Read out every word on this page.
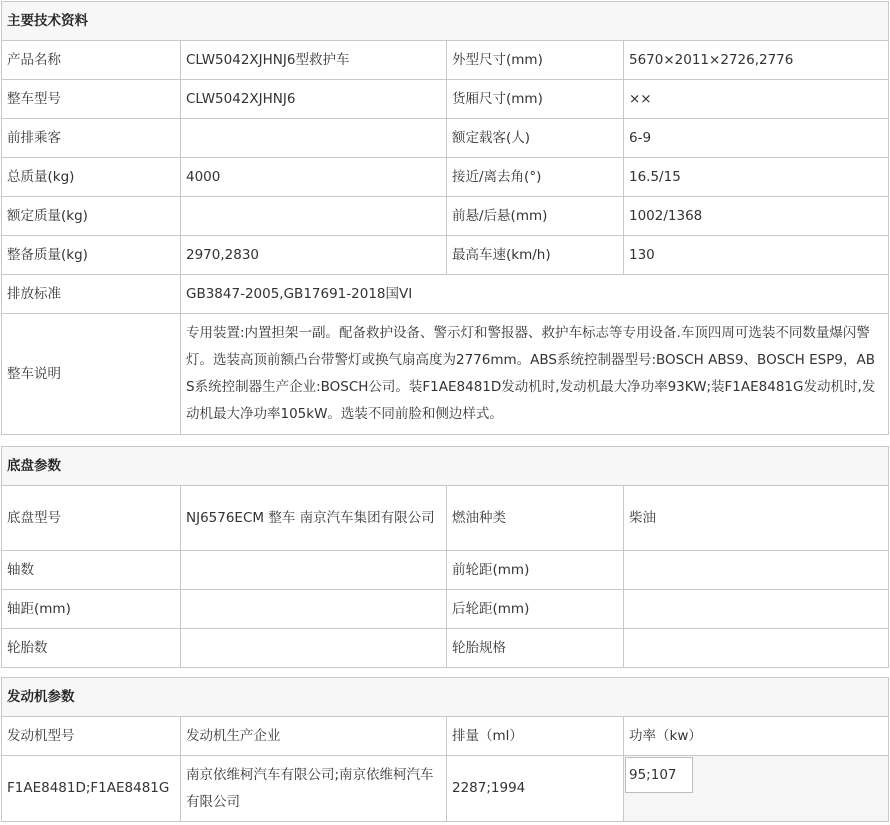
主要技术资料			
产品名称	CLW5042XJHNJ6型救护车	外型尺寸(mm)	5670×2011×2726,2776
整车型号	CLW5042XJHNJ6	货厢尺寸(mm)	××
前排乘客		额定载客(人)	6-9
总质量(kg)	4000	接近/离去角(°)	16.5/15
额定质量(kg)		前悬/后悬(mm)	1002/1368
整备质量(kg)	2970,2830	最高车速(km/h)	130
排放标准	GB3847-2005,GB17691-2018国VI		
整车说明	专用装置:内置担架一副。配备救护设备、警示灯和警报器、救护车标志等专用设备.车顶四周可选装不同数量爆闪警灯。选装高顶前额凸台带警灯或换气扇高度为2776mm。ABS系统控制器型号:BOSCH ABS9、BOSCH ESP9，ABS系统控制器生产企业:BOSCH公司。装F1AE8481D发动机时,发动机最大净功率93KW;装F1AE8481G发动机时,发动机最大净功率105kW。选装不同前脸和侧边样式。		
底盘参数			
底盘型号	NJ6576ECM 整车 南京汽车集团有限公司	燃油种类	柴油
轴数		前轮距(mm)	
轴距(mm)		后轮距(mm)	
轮胎数		轮胎规格	
发动机参数			
发动机型号	发动机生产企业	排量（ml）	功率（kw）
F1AE8481D;F1AE8481G	南京依维柯汽车有限公司;南京依维柯汽车有限公司	2287;1994	95;107
